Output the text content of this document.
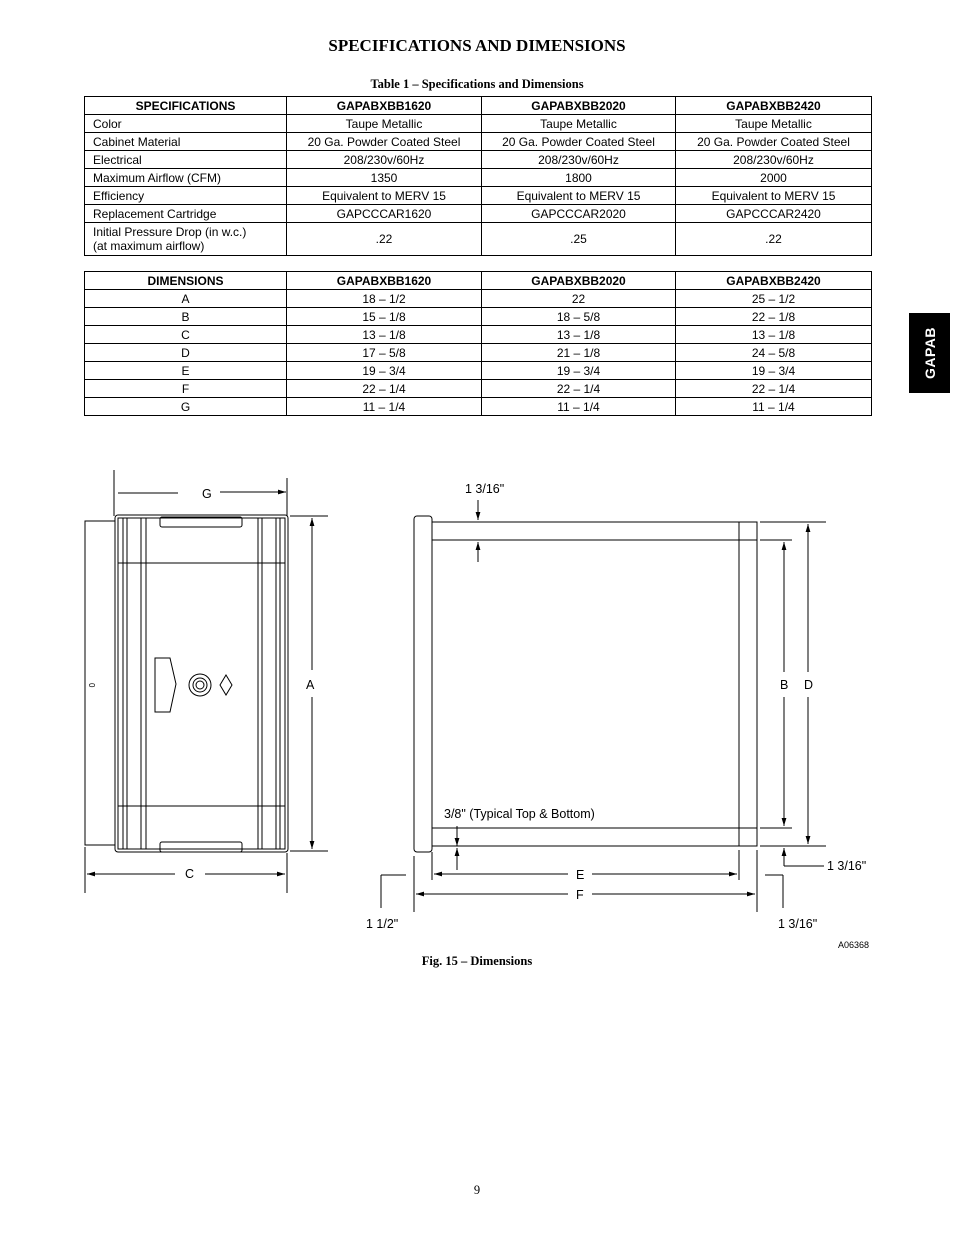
SPECIFICATIONS AND DIMENSIONS
Table 1 – Specifications and Dimensions
SPECIFICATIONS	GAPABXBB1620	GAPABXBB2020	GAPABXBB2420
Color	Taupe Metallic	Taupe Metallic	Taupe Metallic
Cabinet Material	20 Ga. Powder Coated Steel	20 Ga. Powder Coated Steel	20 Ga. Powder Coated Steel
Electrical	208/230v/60Hz	208/230v/60Hz	208/230v/60Hz
Maximum Airflow (CFM)	1350	1800	2000
Efficiency	Equivalent to MERV 15	Equivalent to MERV 15	Equivalent to MERV 15
Replacement Cartridge	GAPCCCAR1620	GAPCCCAR2020	GAPCCCAR2420

Initial Pressure Drop (in w.c.)
(at maximum airflow)	.22	.25	.22
DIMENSIONS	GAPABXBB1620	GAPABXBB2020	GAPABXBB2420
A	18 – 1/2	22	25 – 1/2
B	15 – 1/8	18 – 5/8	22 – 1/8
C	13 – 1/8	13 – 1/8	13 – 1/8
D	17 – 5/8	21 – 1/8	24 – 5/8
E	19 – 3/4	19 – 3/4	19 – 3/4
F	22 – 1/4	22 – 1/4	22 – 1/4
G	11 – 1/4	11 – 1/4	11 – 1/4
GAPAB
G
A
C
B D
E
F
1 3/16"
3/8" (Typical Top & Bottom)
1 3/16"
1 1/2"	1 3/16"
0
A06368
Fig. 15 – Dimensions
9
